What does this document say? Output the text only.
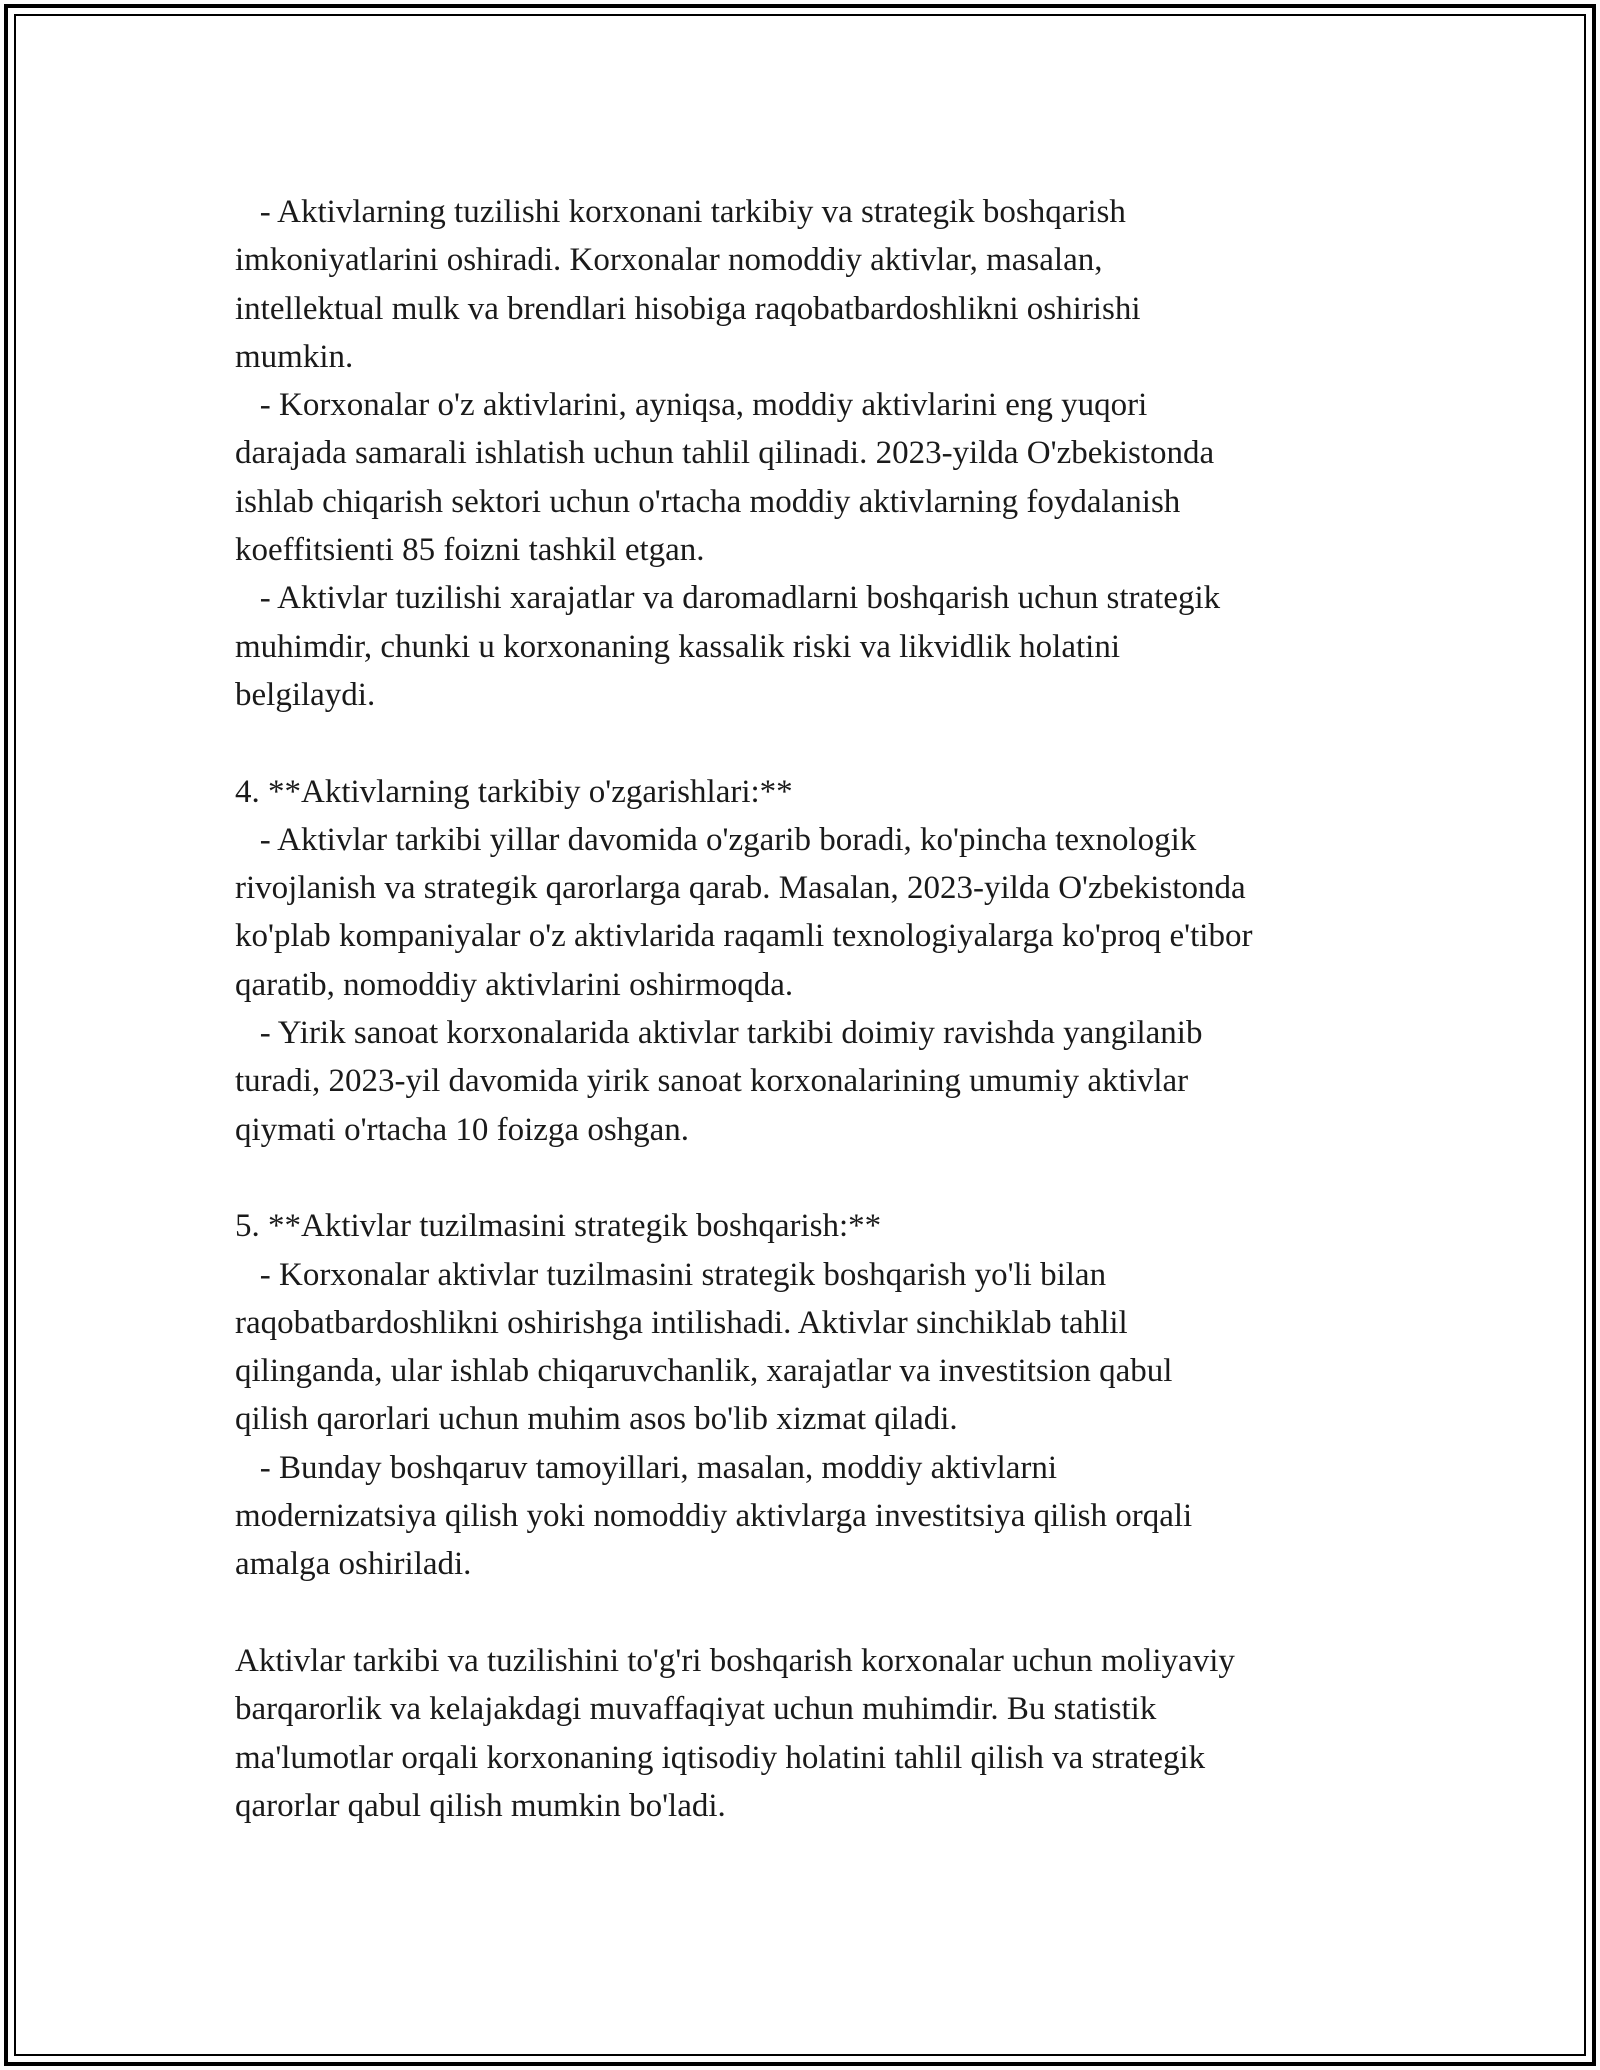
- Aktivlarning tuzilishi korxonani tarkibiy va strategik boshqarish
imkoniyatlarini oshiradi. Korxonalar nomoddiy aktivlar, masalan,
intellektual mulk va brendlari hisobiga raqobatbardoshlikni oshirishi
mumkin.
- Korxonalar o'z aktivlarini, ayniqsa, moddiy aktivlarini eng yuqori
darajada samarali ishlatish uchun tahlil qilinadi. 2023-yilda O'zbekistonda
ishlab chiqarish sektori uchun o'rtacha moddiy aktivlarning foydalanish
koeffitsienti 85 foizni tashkil etgan.
- Aktivlar tuzilishi xarajatlar va daromadlarni boshqarish uchun strategik
muhimdir, chunki u korxonaning kassalik riski va likvidlik holatini
belgilaydi.
4. **Aktivlarning tarkibiy o'zgarishlari:**
- Aktivlar tarkibi yillar davomida o'zgarib boradi, ko'pincha texnologik
rivojlanish va strategik qarorlarga qarab. Masalan, 2023-yilda O'zbekistonda
ko'plab kompaniyalar o'z aktivlarida raqamli texnologiyalarga ko'proq e'tibor
qaratib, nomoddiy aktivlarini oshirmoqda.
- Yirik sanoat korxonalarida aktivlar tarkibi doimiy ravishda yangilanib
turadi, 2023-yil davomida yirik sanoat korxonalarining umumiy aktivlar
qiymati o'rtacha 10 foizga oshgan.
5. **Aktivlar tuzilmasini strategik boshqarish:**
- Korxonalar aktivlar tuzilmasini strategik boshqarish yo'li bilan
raqobatbardoshlikni oshirishga intilishadi. Aktivlar sinchiklab tahlil
qilinganda, ular ishlab chiqaruvchanlik, xarajatlar va investitsion qabul
qilish qarorlari uchun muhim asos bo'lib xizmat qiladi.
- Bunday boshqaruv tamoyillari, masalan, moddiy aktivlarni
modernizatsiya qilish yoki nomoddiy aktivlarga investitsiya qilish orqali
amalga oshiriladi.
Aktivlar tarkibi va tuzilishini to'g'ri boshqarish korxonalar uchun moliyaviy
barqarorlik va kelajakdagi muvaffaqiyat uchun muhimdir. Bu statistik
ma'lumotlar orqali korxonaning iqtisodiy holatini tahlil qilish va strategik
qarorlar qabul qilish mumkin bo'ladi.
